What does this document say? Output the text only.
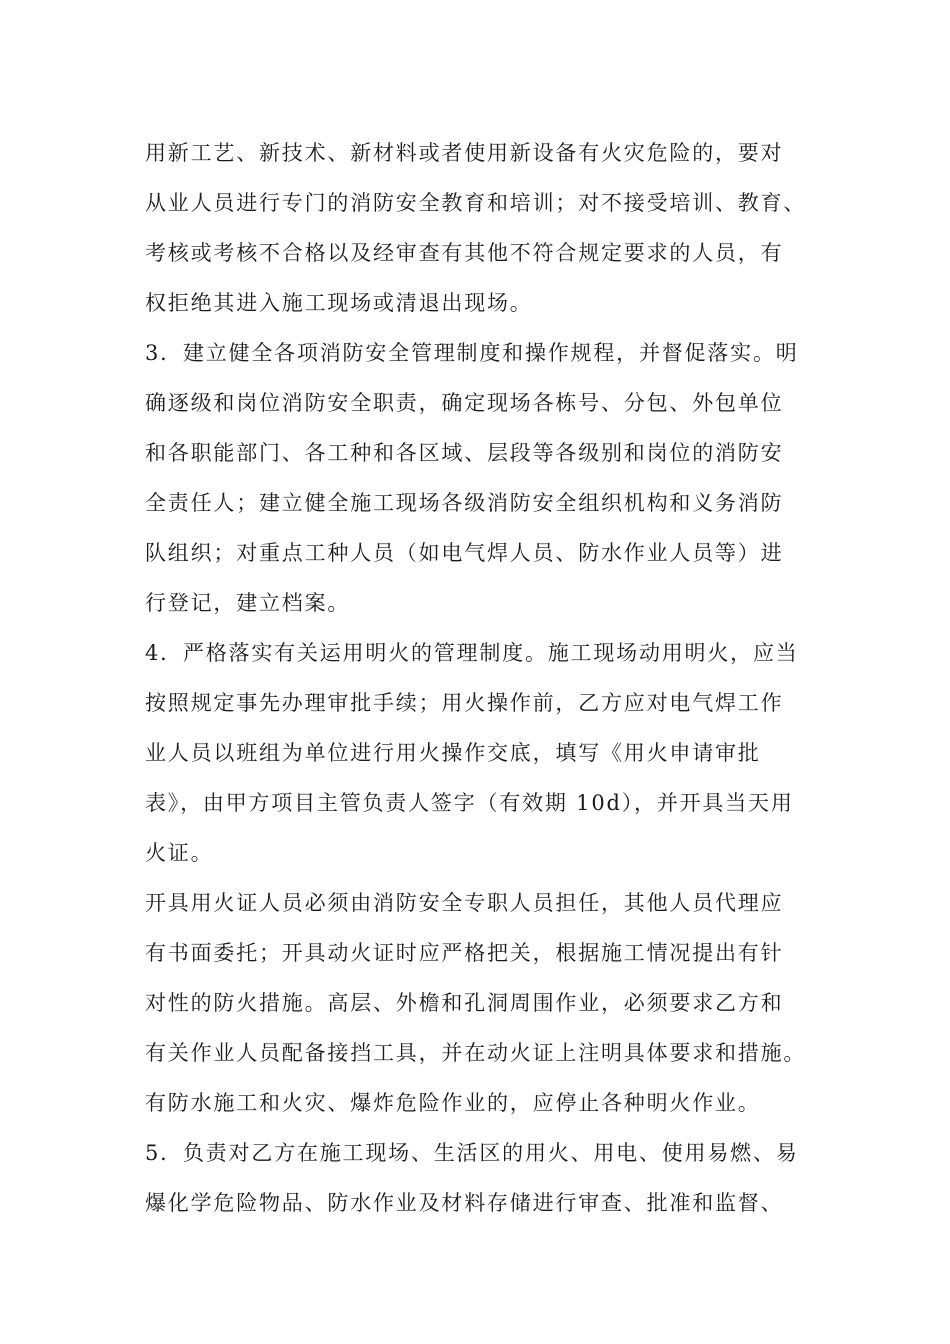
用新工艺、新技术、新材料或者使用新设备有火灾危险的，要对
从业人员进行专门的消防安全教育和培训；对不接受培训、教育、
考核或考核不合格以及经审查有其他不符合规定要求的人员，有
权拒绝其进入施工现场或清退出现场。
3．建立健全各项消防安全管理制度和操作规程，并督促落实。明
确逐级和岗位消防安全职责，确定现场各栋号、分包、外包单位
和各职能部门、各工种和各区域、层段等各级别和岗位的消防安
全责任人；建立健全施工现场各级消防安全组织机构和义务消防
队组织；对重点工种人员（如电气焊人员、防水作业人员等）进
行登记，建立档案。
4．严格落实有关运用明火的管理制度。施工现场动用明火，应当
按照规定事先办理审批手续；用火操作前，乙方应对电气焊工作
业人员以班组为单位进行用火操作交底，填写《用火申请审批
表》，由甲方项目主管负责人签字（有效期 10d），并开具当天用
火证。
开具用火证人员必须由消防安全专职人员担任，其他人员代理应
有书面委托；开具动火证时应严格把关，根据施工情况提出有针
对性的防火措施。高层、外檐和孔洞周围作业，必须要求乙方和
有关作业人员配备接挡工具，并在动火证上注明具体要求和措施。
有防水施工和火灾、爆炸危险作业的，应停止各种明火作业。
5．负责对乙方在施工现场、生活区的用火、用电、使用易燃、易
爆化学危险物品、防水作业及材料存储进行审查、批准和监督、
